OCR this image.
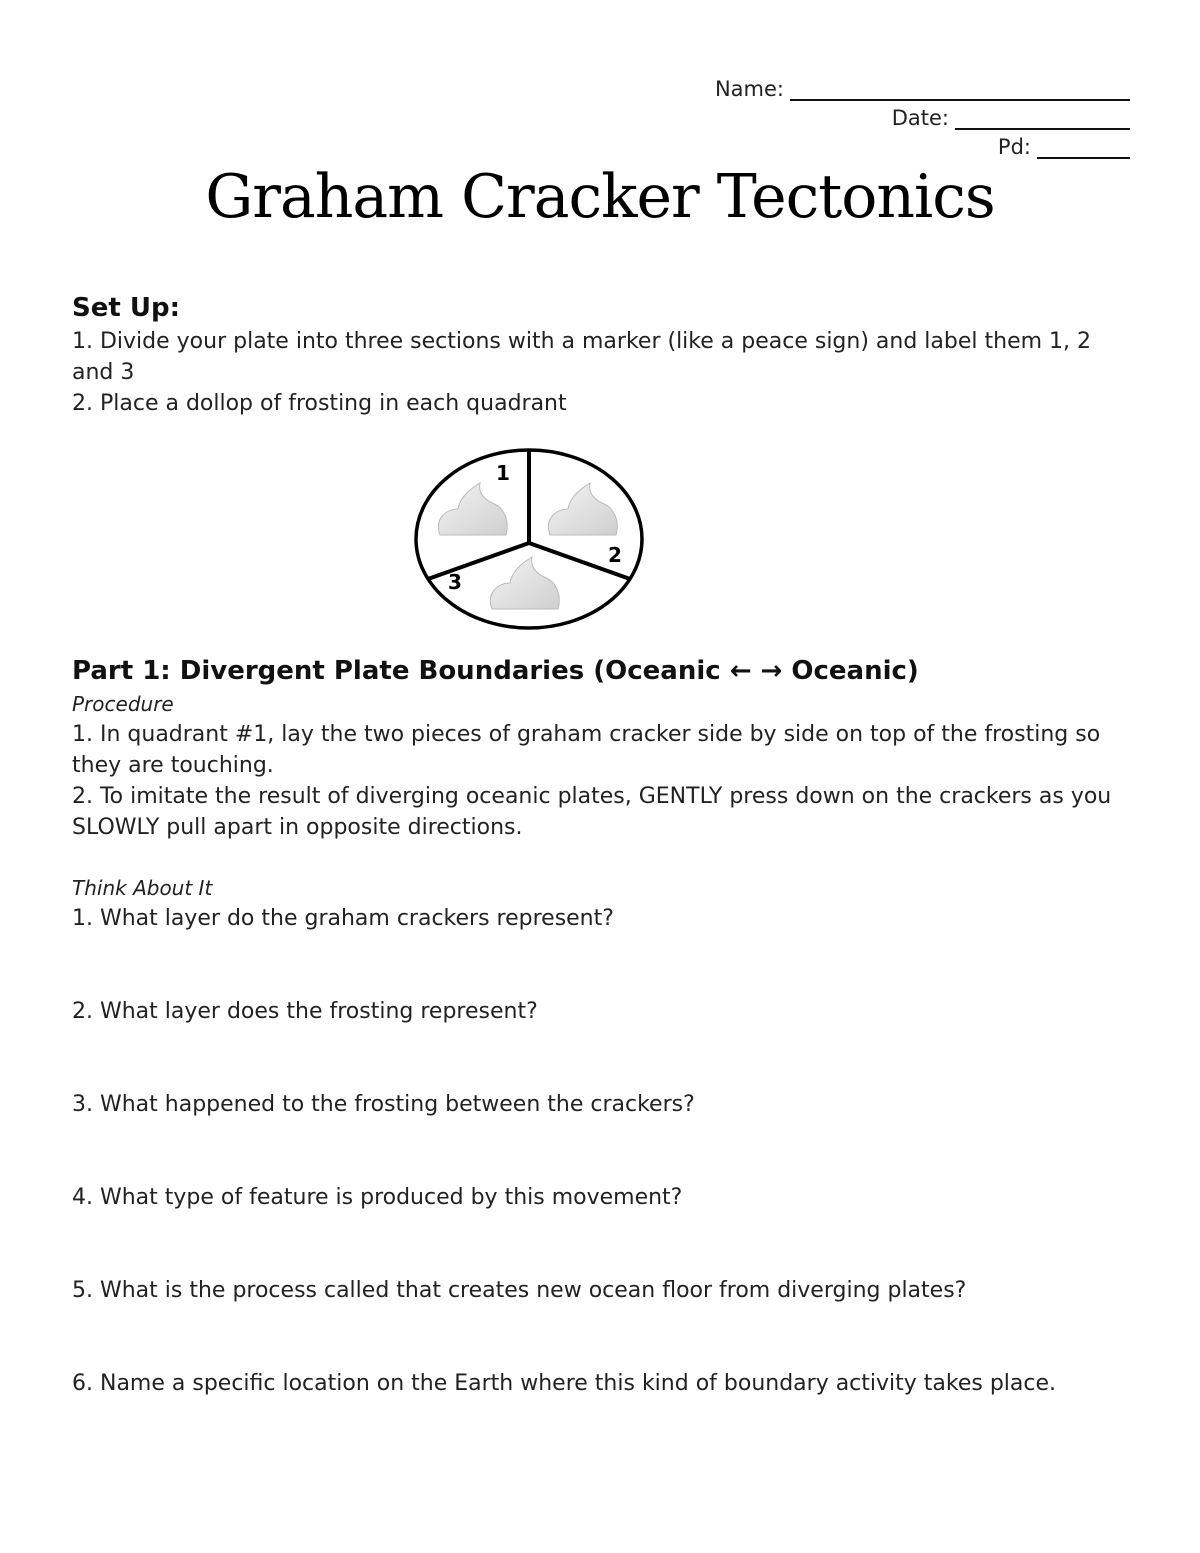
Name:
Date:
Pd:
Graham Cracker Tectonics

Set Up:

1. Divide your plate into three sections with a marker (like a peace sign) and label them 1, 2 and 3

2. Place a dollop of frosting in each quadrant

1
2
3

Part 1: Divergent Plate Boundaries (Oceanic ← → Oceanic)

Procedure

1. In quadrant #1, lay the two pieces of graham cracker side by side on top of the frosting so they are touching.

2. To imitate the result of diverging oceanic plates, GENTLY press down on the crackers as you SLOWLY pull apart in opposite directions.

Think About It

1. What layer do the graham crackers represent?

2. What layer does the frosting represent?

3. What happened to the frosting between the crackers?

4. What type of feature is produced by this movement?

5. What is the process called that creates new ocean floor from diverging plates?

6. Name a specific location on the Earth where this kind of boundary activity takes place.
